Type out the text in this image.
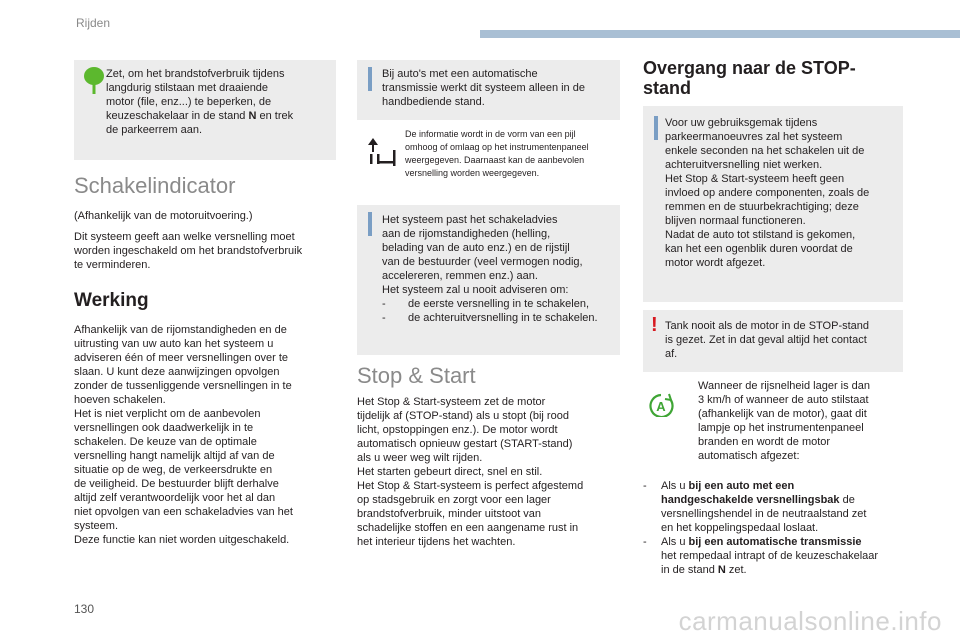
Rijden
130	carmanualsonline.info
Zet, om het brandstofverbruik tijdens
langdurig stilstaan met draaiende
motor (file, enz...) te beperken, de
keuzeschakelaar in de stand N en trek
de parkeerrem aan.
Schakelindicator
(Afhankelijk van de motoruitvoering.)
Dit systeem geeft aan welke versnelling moet
worden ingeschakeld om het brandstofverbruik
te verminderen.
Werking
Afhankelijk van de rijomstandigheden en de
uitrusting van uw auto kan het systeem u
adviseren één of meer versnellingen over te
slaan. U kunt deze aanwijzingen opvolgen
zonder de tussenliggende versnellingen in te
hoeven schakelen.
Het is niet verplicht om de aanbevolen
versnellingen ook daadwerkelijk in te
schakelen. De keuze van de optimale
versnelling hangt namelijk altijd af van de
situatie op de weg, de verkeersdrukte en
de veiligheid. De bestuurder blijft derhalve
altijd zelf verantwoordelijk voor het al dan
niet opvolgen van een schakeladvies van het
systeem.
Deze functie kan niet worden uitgeschakeld.
Bij auto's met een automatische
transmissie werkt dit systeem alleen in de
handbediende stand.
De informatie wordt in de vorm van een pijl
omhoog of omlaag op het instrumentenpaneel
weergegeven. Daarnaast kan de aanbevolen
versnelling worden weergegeven.
Het systeem past het schakeladvies
aan de rijomstandigheden (helling,
belading van de auto enz.) en de rijstijl
van de bestuurder (veel vermogen nodig,
accelereren, remmen enz.) aan.
Het systeem zal u nooit adviseren om:
-	de eerste versnelling in te schakelen,
-	de achteruitversnelling in te schakelen.
Stop & Start
Het Stop & Start-systeem zet de motor
tijdelijk af (STOP-stand) als u stopt (bij rood
licht, opstoppingen enz.). De motor wordt
automatisch opnieuw gestart (START-stand)
als u weer weg wilt rijden.
Het starten gebeurt direct, snel en stil.
Het Stop & Start-systeem is perfect afgestemd
op stadsgebruik en zorgt voor een lager
brandstofverbruik, minder uitstoot van
schadelijke stoffen en een aangename rust in
het interieur tijdens het wachten.
Overgang naar de STOP-
stand
Voor uw gebruiksgemak tijdens
parkeermanoeuvres zal het systeem
enkele seconden na het schakelen uit de
achteruitversnelling niet werken.
Het Stop & Start-systeem heeft geen
invloed op andere componenten, zoals de
remmen en de stuurbekrachtiging; deze
blijven normaal functioneren.
Nadat de auto tot stilstand is gekomen,
kan het een ogenblik duren voordat de
motor wordt afgezet.
! Tank nooit als de motor in de STOP-stand
is gezet. Zet in dat geval altijd het contact
af.
A
Wanneer de rijsnelheid lager is dan
3 km/h of wanneer de auto stilstaat
(afhankelijk van de motor), gaat dit
lampje op het instrumentenpaneel
branden en wordt de motor
automatisch afgezet:
-	Als u bij een auto met een
handgeschakelde versnellingsbak de
versnellingshendel in de neutraalstand zet
en het koppelingspedaal loslaat.
-	Als u bij een automatische transmissie
het rempedaal intrapt of de keuzeschakelaar
in de stand N zet.
